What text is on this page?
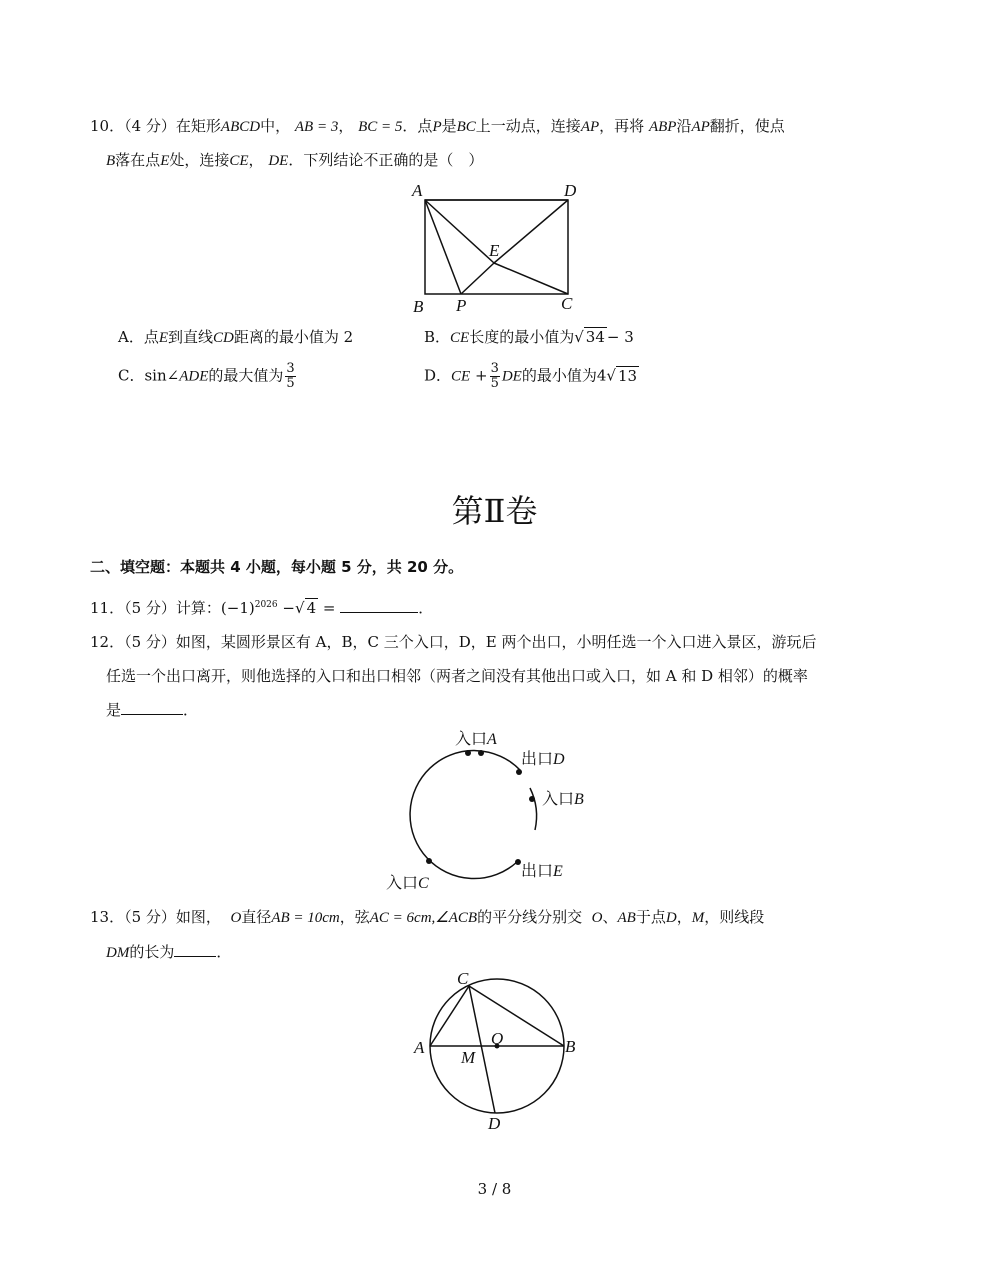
10．（4 分）在矩形ABCD中， AB = 3， BC = 5．点P是BC上一动点，连接AP，再将 ABP沿AP翻折，使点
B落在点E处，连接CE， DE．下列结论不正确的是（　）
A	D
E
B P	C
A．点E到直线CD距离的最小值为 2	B．CE长度的最小值为√ 34 − 3
C．sin∠ADE的最大值为 $\frac{3}{5}$	D．CE + $\frac{3}{5}$ DE的最小值为4√ 13
第Ⅱ卷
二、填空题：本题共 4 小题，每小题 5 分，共 20 分。
11．（5 分）计算：$(-1)^{2026}$ −√ 4 =	．
12．（5 分）如图，某圆形景区有 A，B，C 三个入口，D，E 两个出口，小明任选一个入口进入景区，游玩后
任选一个出口离开，则他选择的入口和出口相邻（两者之间没有其他出口或入口，如 A 和 D 相邻）的概率
是	．
入口A
出口D
入口B
出口E
入口C
13．（5 分）如图， O直径AB = 10cm，弦AC = 6cm,∠ACB的平分线分别交 O、AB于点D，M，则线段
DM的长为	．
C
A	O	B
M
D
3 / 8
